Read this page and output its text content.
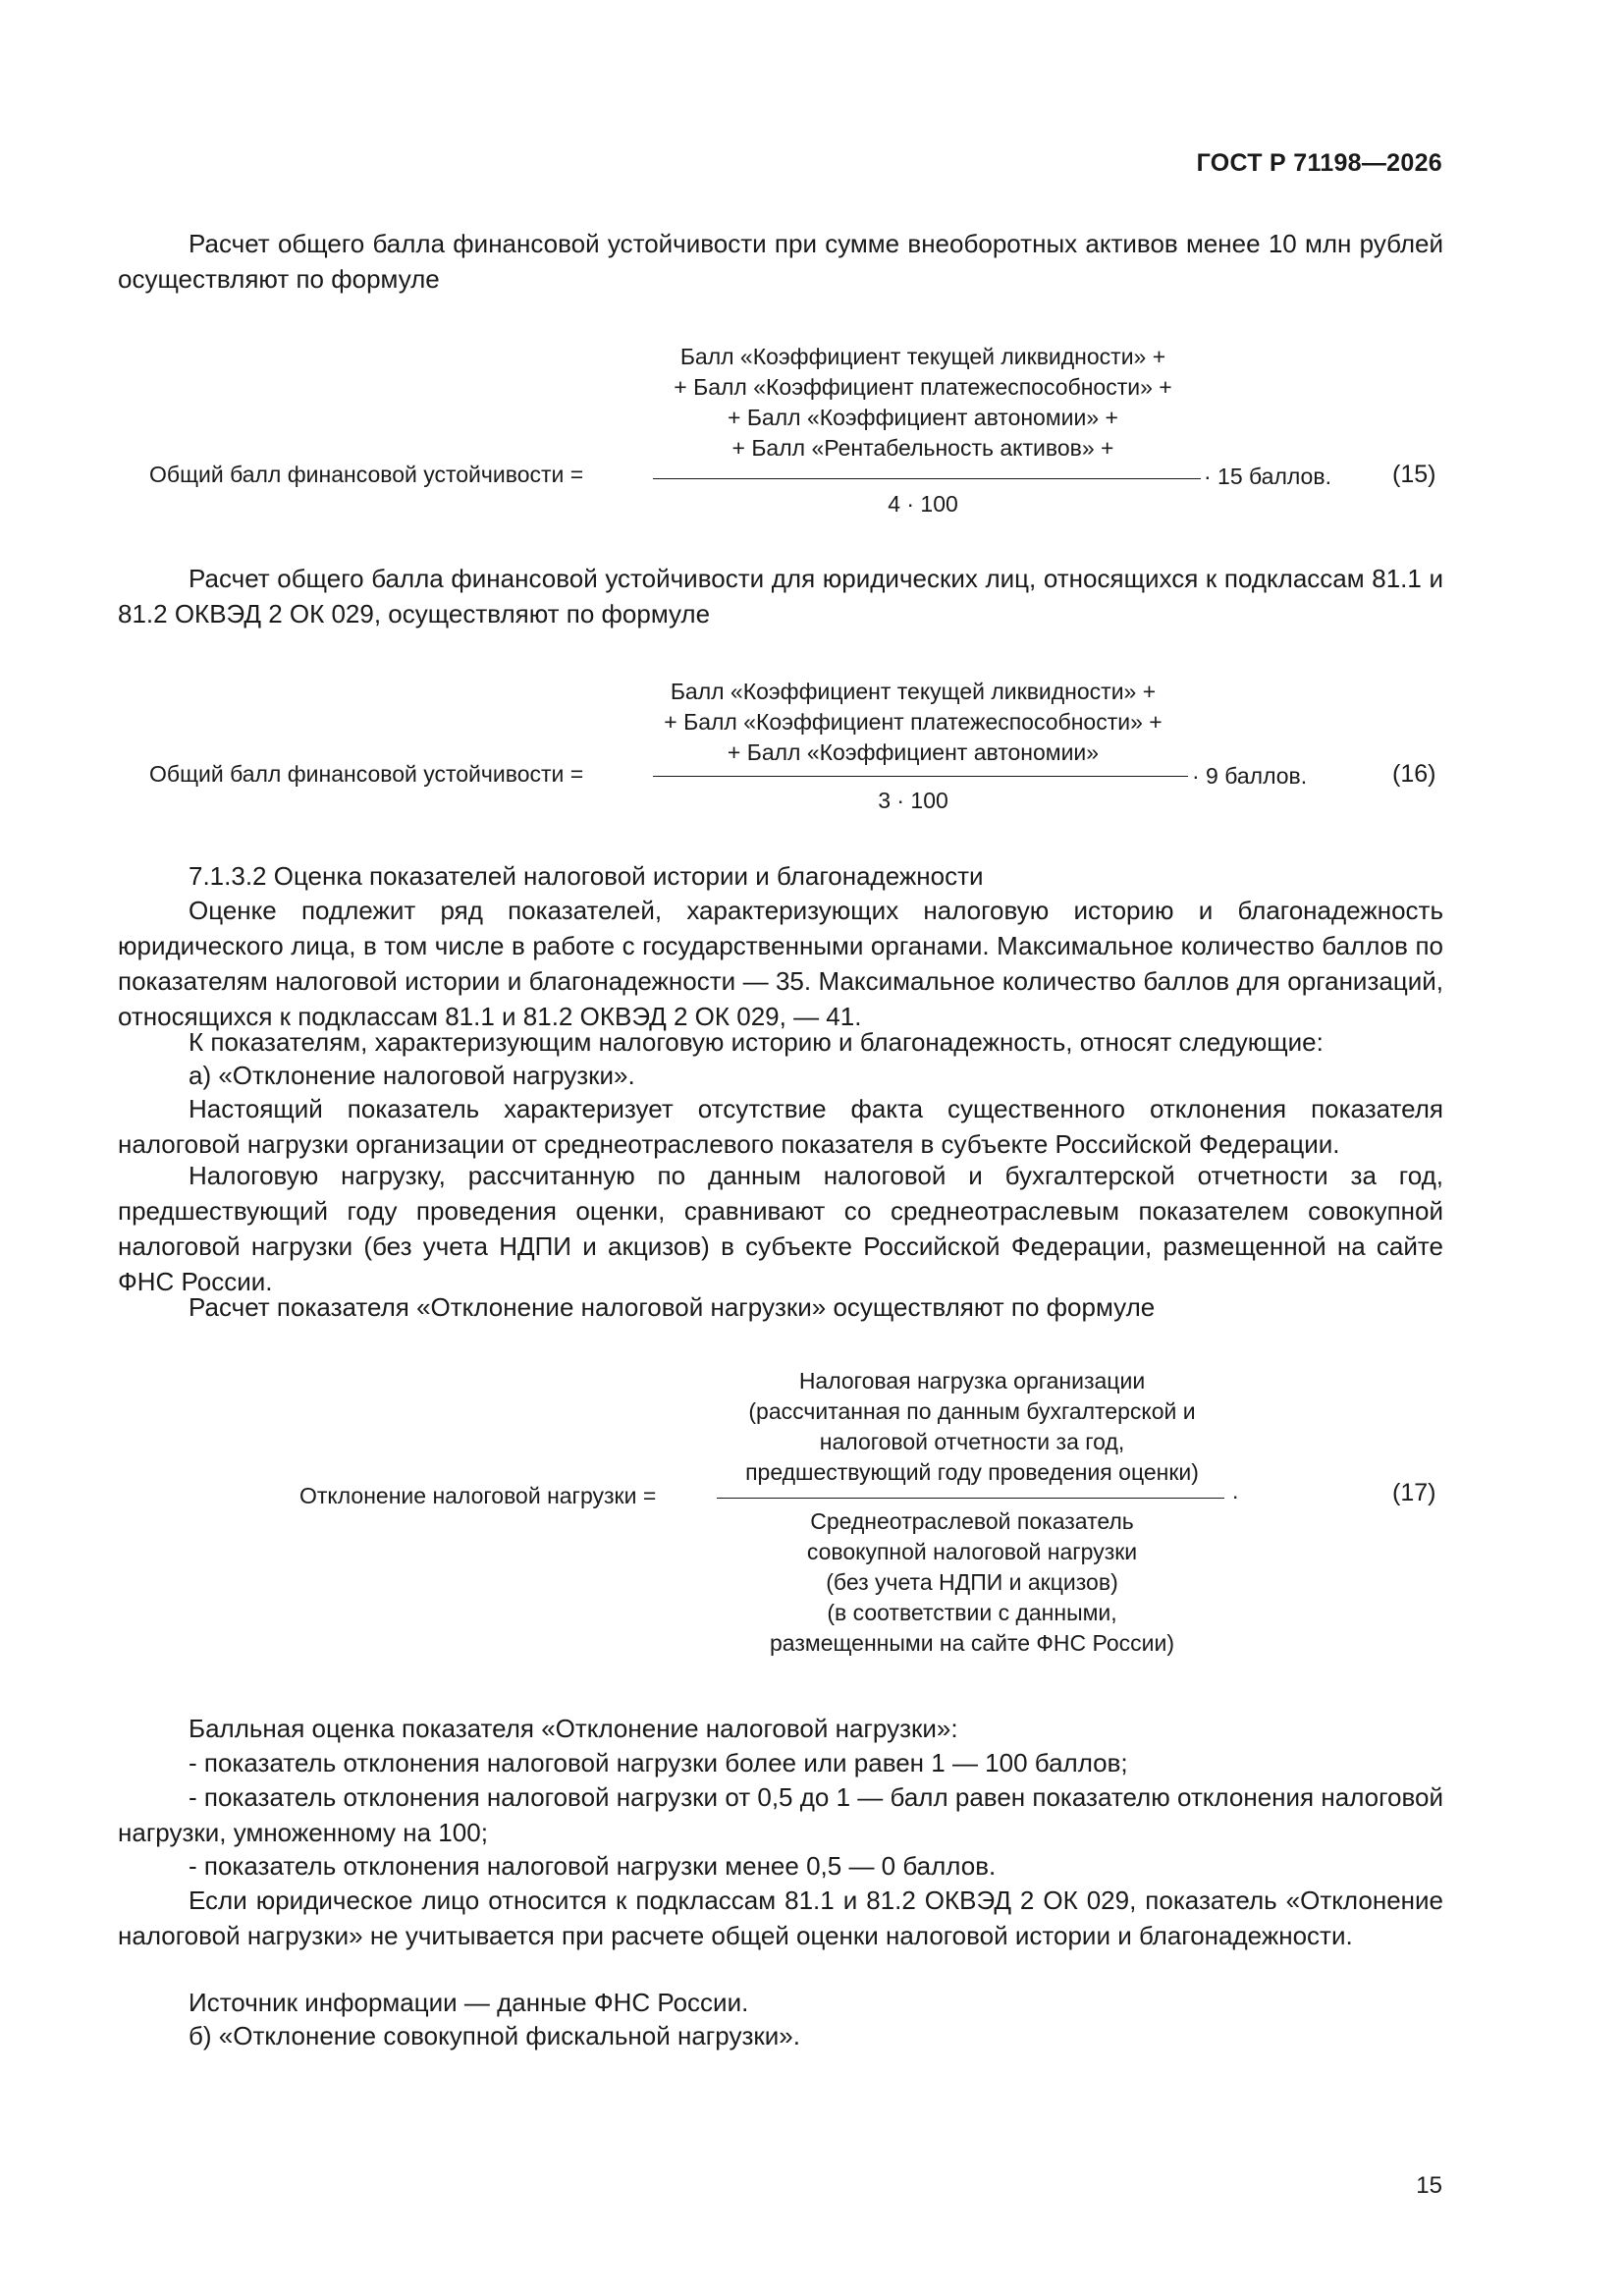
ГОСТ Р 71198—2026

Расчет общего балла финансовой устойчивости при сумме внеоборотных активов менее 10 млн рублей осуществляют по формуле

Общий балл финансовой устойчивости =
Балл «Коэффициент текущей ликвидности» +
+ Балл «Коэффициент платежеспособности» +
+ Балл «Коэффициент автономии» +
+ Балл «Рентабельность активов» +
4 · 100
· 15 баллов. (15)

Расчет общего балла финансовой устойчивости для юридических лиц, относящихся к подклассам 81.1 и 81.2 ОКВЭД 2 ОК 029, осуществляют по формуле

Общий балл финансовой устойчивости =
Балл «Коэффициент текущей ликвидности» +
+ Балл «Коэффициент платежеспособности» +
+ Балл «Коэффициент автономии»
3 · 100
· 9 баллов.	(16)

7.1.3.2 Оценка показателей налоговой истории и благонадежности

Оценке подлежит ряд показателей, характеризующих налоговую историю и благонадежность юридического лица, в том числе в работе с государственными органами. Максимальное количество баллов по показателям налоговой истории и благонадежности — 35. Максимальное количество баллов для организаций, относящихся к подклассам 81.1 и 81.2 ОКВЭД 2 ОК 029, — 41.

К показателям, характеризующим налоговую историю и благонадежность, относят следующие:

а) «Отклонение налоговой нагрузки».

Настоящий показатель характеризует отсутствие факта существенного отклонения показателя налоговой нагрузки организации от среднеотраслевого показателя в субъекте Российской Федерации.

Налоговую нагрузку, рассчитанную по данным налоговой и бухгалтерской отчетности за год, предшествующий году проведения оценки, сравнивают со среднеотраслевым показателем совокупной налоговой нагрузки (без учета НДПИ и акцизов) в субъекте Российской Федерации, размещенной на сайте ФНС России.

Расчет показателя «Отклонение налоговой нагрузки» осуществляют по формуле

Отклонение налоговой нагрузки =
Налоговая нагрузка организации
(рассчитанная по данным бухгалтерской и
налоговой отчетности за год,
предшествующий году проведения оценки)
Среднеотраслевой показатель
совокупной налоговой нагрузки
(без учета НДПИ и акцизов)
(в соответствии с данными,
размещенными на сайте ФНС России)
.	(17)

Балльная оценка показателя «Отклонение налоговой нагрузки»:

- показатель отклонения налоговой нагрузки более или равен 1 — 100 баллов;

- показатель отклонения налоговой нагрузки от 0,5 до 1 — балл равен показателю отклонения налоговой нагрузки, умноженному на 100;

- показатель отклонения налоговой нагрузки менее 0,5 — 0 баллов.

Если юридическое лицо относится к подклассам 81.1 и 81.2 ОКВЭД 2 ОК 029, показатель «Отклонение налоговой нагрузки» не учитывается при расчете общей оценки налоговой истории и благонадежности.

Источник информации — данные ФНС России.

б) «Отклонение совокупной фискальной нагрузки».

15
